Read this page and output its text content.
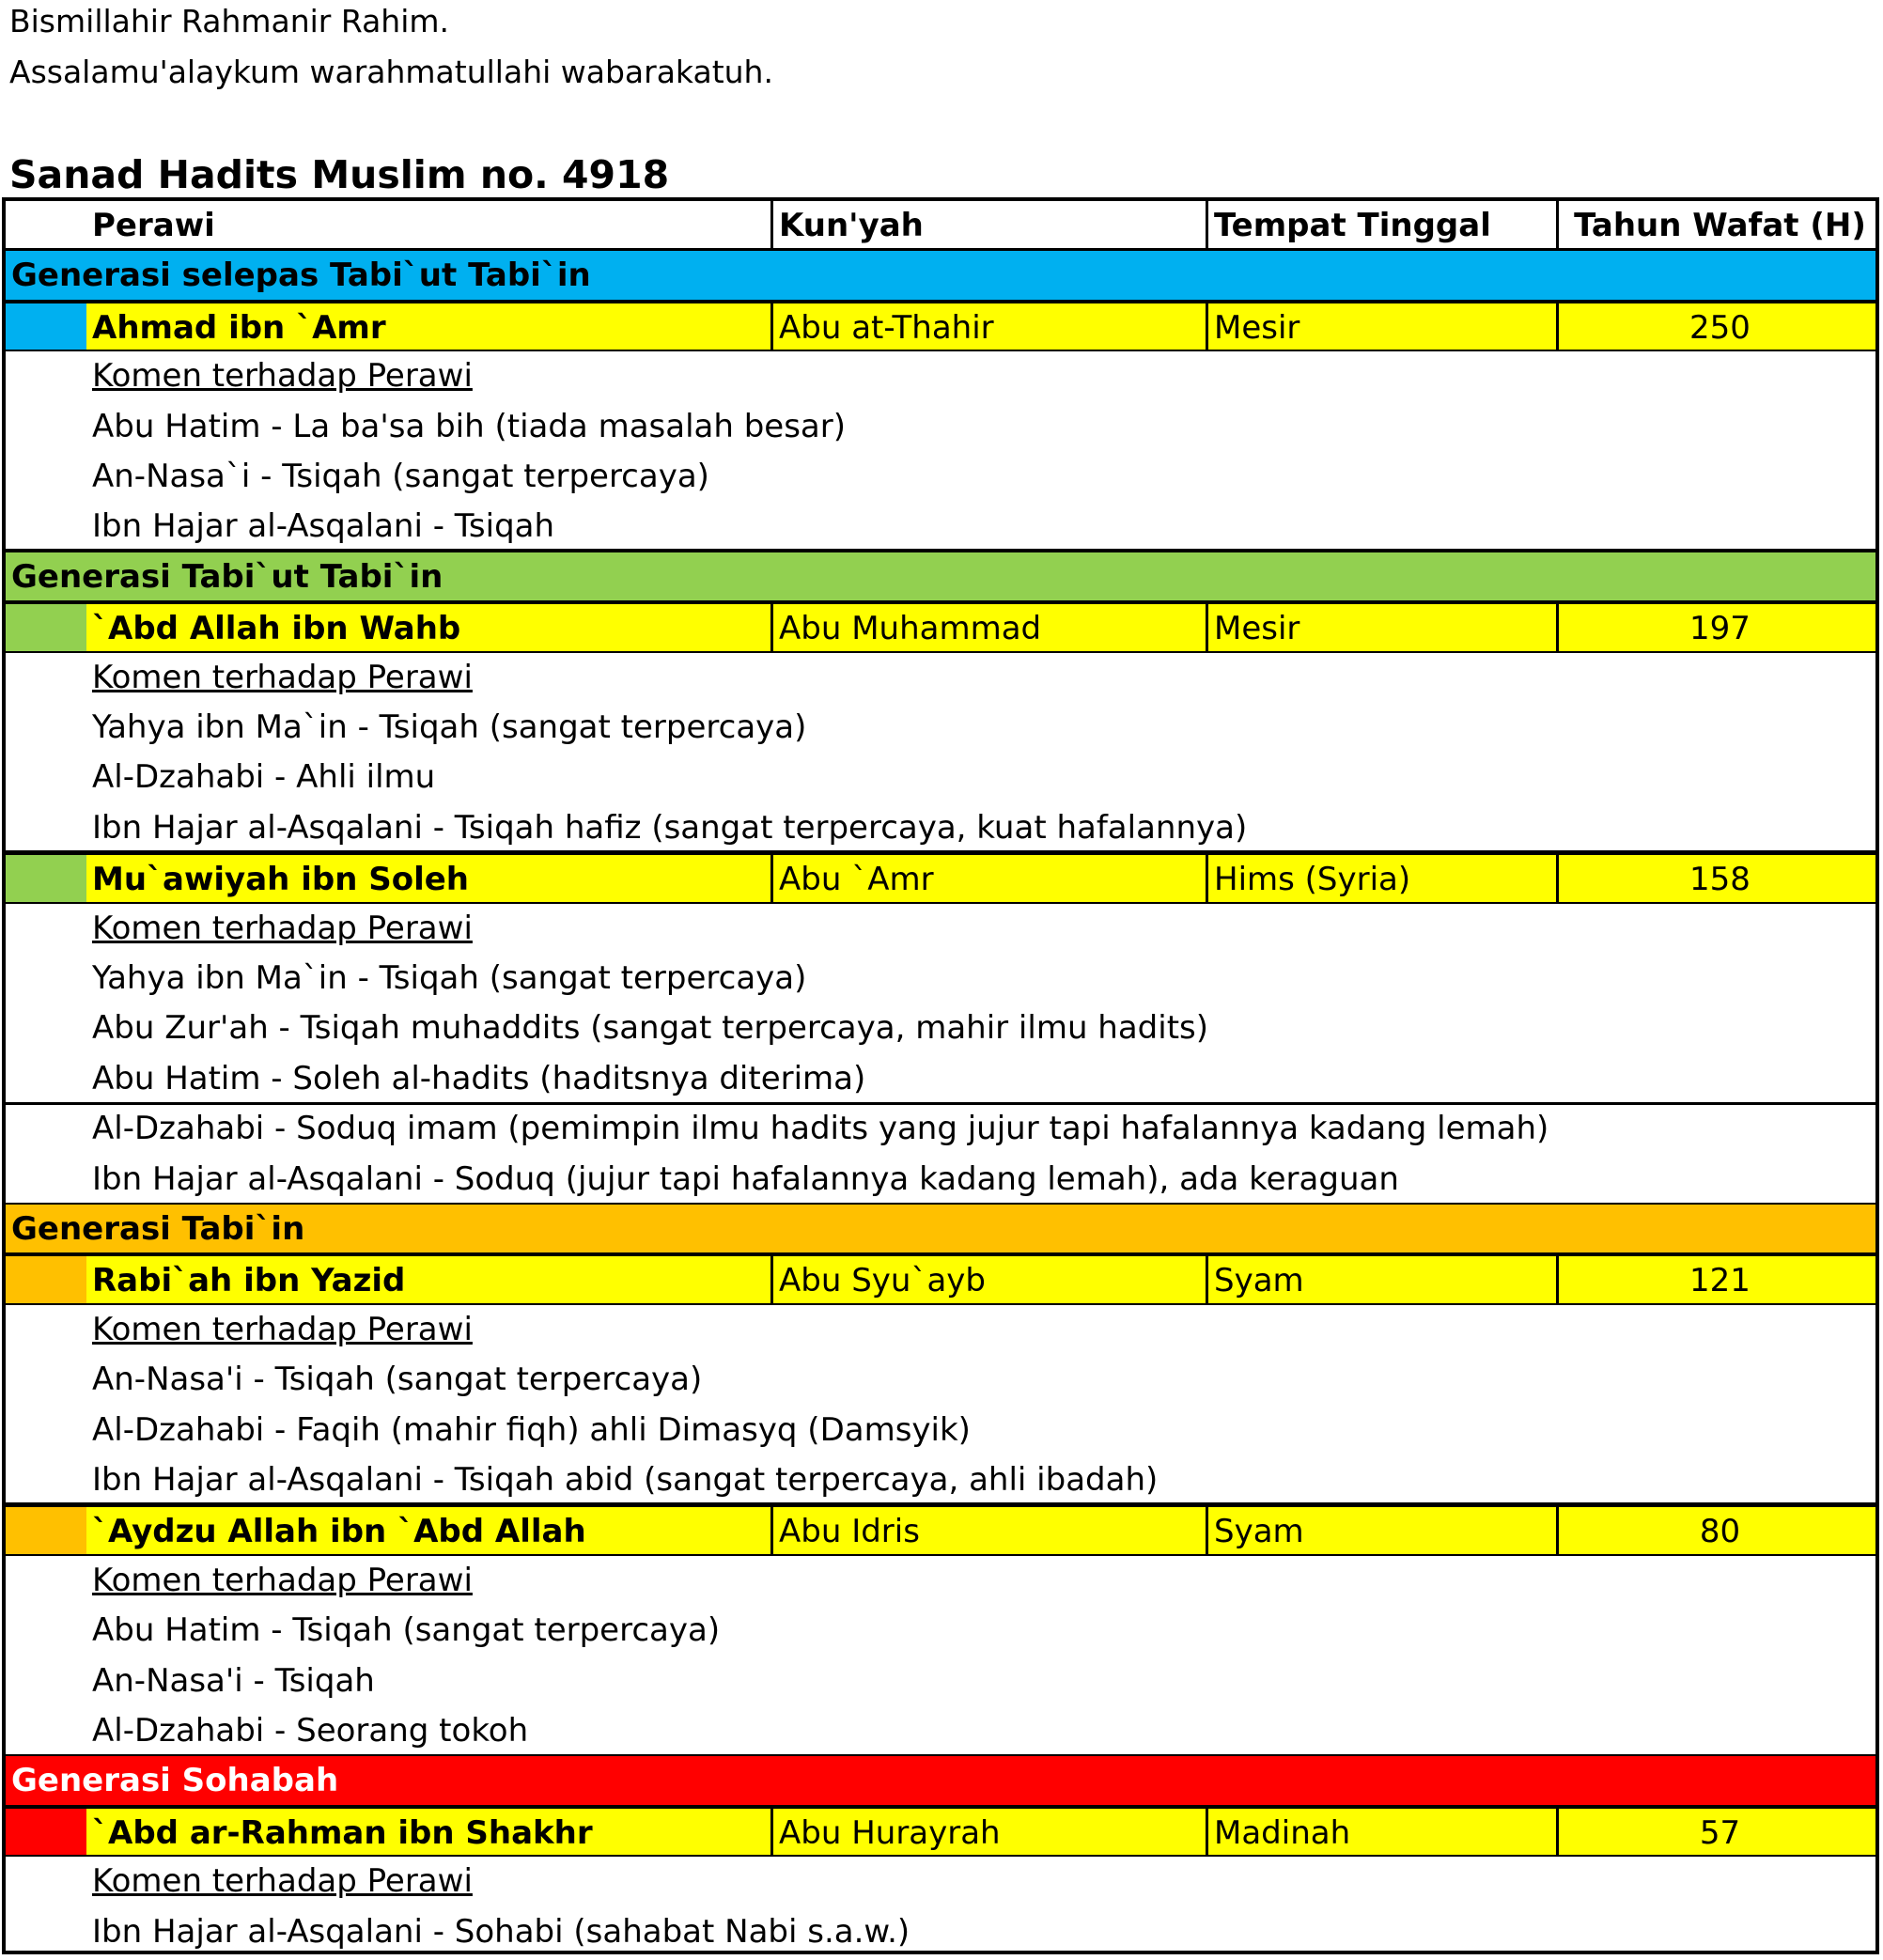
Bismillahir Rahmanir Rahim.
Assalamu'alaykum warahmatullahi wabarakatuh.
Sanad Hadits Muslim no. 4918
Perawi	Kun'yah	Tempat Tinggal	Tahun Wafat (H)
Generasi selepas Tabi`ut Tabi`in
Ahmad ibn `Amr	Abu at-Thahir	Mesir	250
Komen terhadap Perawi
Abu Hatim - La ba'sa bih (tiada masalah besar)
An-Nasa`i - Tsiqah (sangat terpercaya)
Ibn Hajar al-Asqalani - Tsiqah
Generasi Tabi`ut Tabi`in
`Abd Allah ibn Wahb	Abu Muhammad	Mesir	197
Komen terhadap Perawi
Yahya ibn Ma`in - Tsiqah (sangat terpercaya)
Al-Dzahabi - Ahli ilmu
Ibn Hajar al-Asqalani - Tsiqah hafiz (sangat terpercaya, kuat hafalannya)
Mu`awiyah ibn Soleh	Abu `Amr	Hims (Syria)	158
Komen terhadap Perawi
Yahya ibn Ma`in - Tsiqah (sangat terpercaya)
Abu Zur'ah - Tsiqah muhaddits (sangat terpercaya, mahir ilmu hadits)
Abu Hatim - Soleh al-hadits (haditsnya diterima)
Al-Dzahabi - Soduq imam (pemimpin ilmu hadits yang jujur tapi hafalannya kadang lemah)
Ibn Hajar al-Asqalani - Soduq (jujur tapi hafalannya kadang lemah), ada keraguan
Generasi Tabi`in
Rabi`ah ibn Yazid	Abu Syu`ayb	Syam	121
Komen terhadap Perawi
An-Nasa'i - Tsiqah (sangat terpercaya)
Al-Dzahabi - Faqih (mahir fiqh) ahli Dimasyq (Damsyik)
Ibn Hajar al-Asqalani - Tsiqah abid (sangat terpercaya, ahli ibadah)
`Aydzu Allah ibn `Abd Allah	Abu Idris	Syam	80
Komen terhadap Perawi
Abu Hatim - Tsiqah (sangat terpercaya)
An-Nasa'i - Tsiqah
Al-Dzahabi - Seorang tokoh
Generasi Sohabah
`Abd ar-Rahman ibn Shakhr	Abu Hurayrah	Madinah	57
Komen terhadap Perawi
Ibn Hajar al-Asqalani - Sohabi (sahabat Nabi s.a.w.)
